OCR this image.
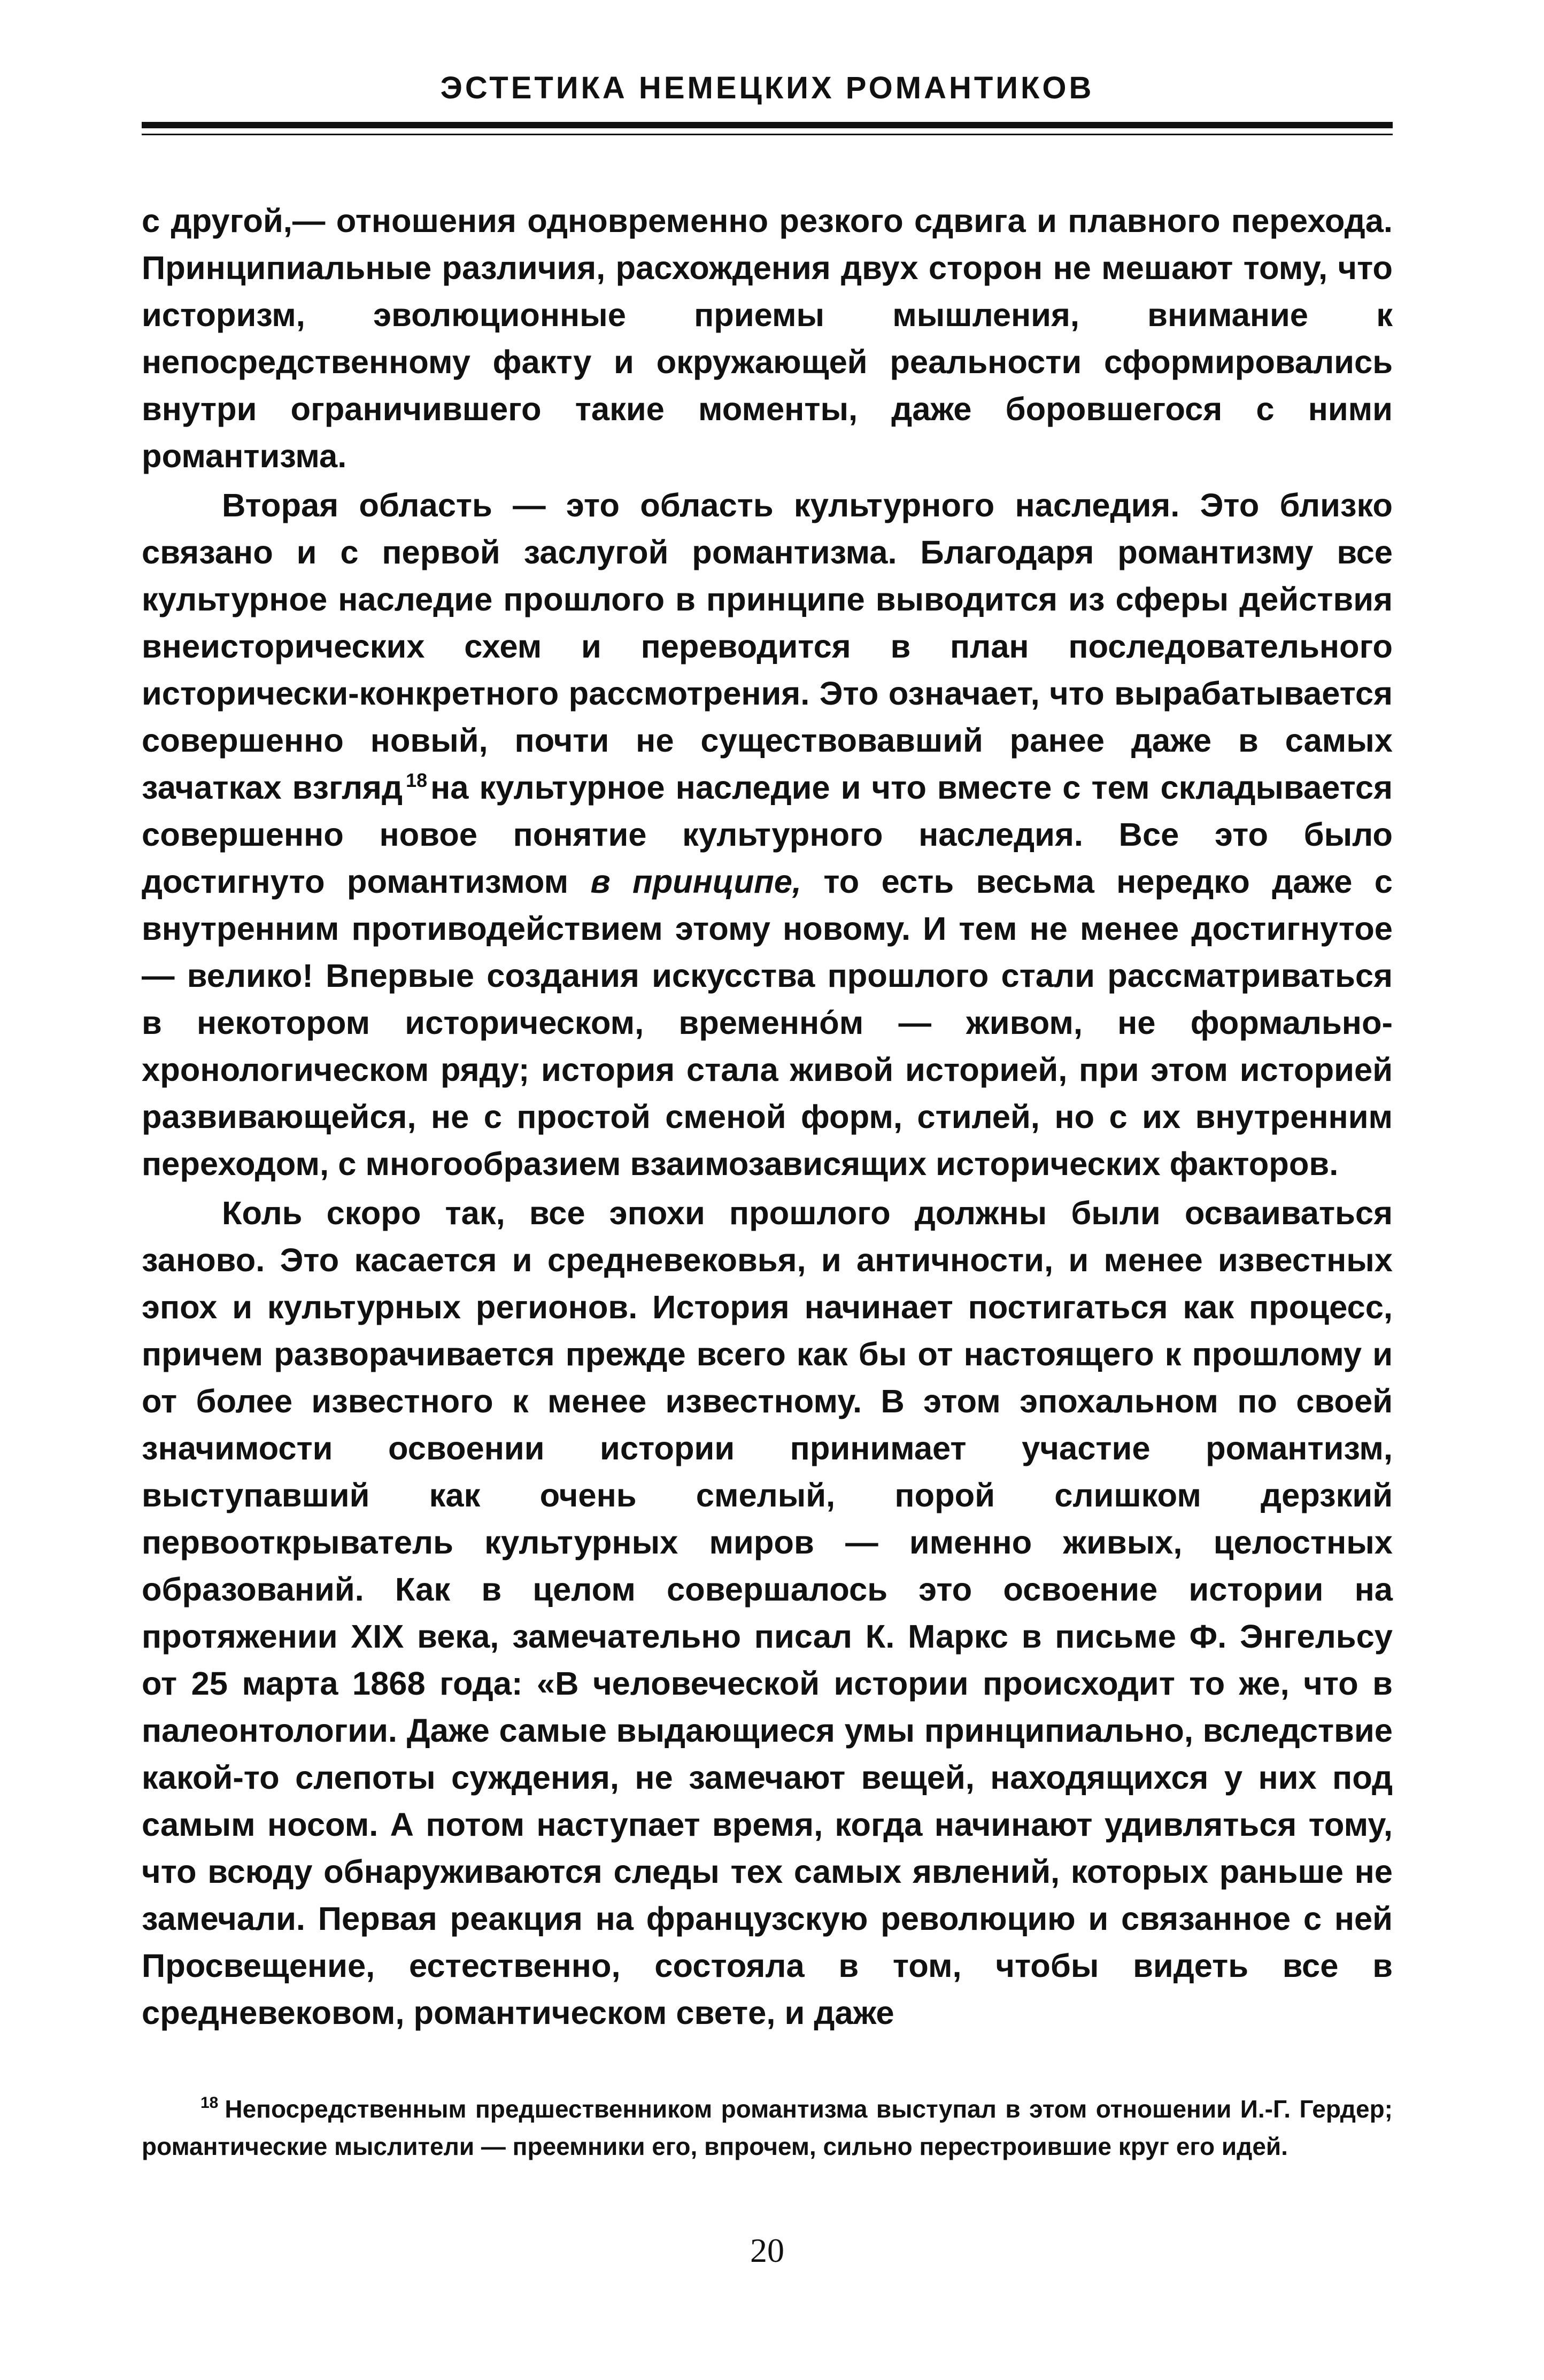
ЭСТЕТИКА НЕМЕЦКИХ РОМАНТИКОВ

с другой,— отношения одновременно резкого сдвига и плавного перехода. Принципиальные различия, расхождения двух сторон не мешают тому, что историзм, эволюционные приемы мышления, внимание к непосредственному факту и окружающей реальности сформировались внутри ограничившего такие моменты, даже боровшегося с ними романтизма.

Вторая область — это область культурного наследия. Это близко связано и с первой заслугой романтизма. Благодаря романтизму все культурное наследие прошлого в принципе выводится из сферы действия внеисторических схем и переводится в план последовательного исторически-конкретного рассмотрения. Это означает, что вырабатывается совершенно новый, почти не существовавший ранее даже в самых зачатках взгляд $^{18}$на культурное наследие и что вместе с тем складывается совершенно новое понятие культурного наследия. Все это было достигнуто романтизмом в принципе, то есть весьма нередко даже с внутренним противодействием этому новому. И тем не менее достигнутое — велико! Впервые создания искусства прошлого стали рассматриваться в некотором историческом, временно́м — живом, не формально-хронологическом ряду; история стала живой историей, при этом историей развивающейся, не с простой сменой форм, стилей, но с их внутренним переходом, с многообразием взаимозависящих исторических факторов.

Коль скоро так, все эпохи прошлого должны были осваиваться заново. Это касается и средневековья, и античности, и менее известных эпох и культурных регионов. История начинает постигаться как процесс, причем разворачивается прежде всего как бы от настоящего к прошлому и от более известного к менее известному. В этом эпохальном по своей значимости освоении истории принимает участие романтизм, выступавший как очень смелый, порой слишком дерзкий первооткрыватель культурных миров — именно живых, целостных образований. Как в целом совершалось это освоение истории на протяжении XIX века, замечательно писал К. Маркс в письме Ф. Энгельсу от 25 марта 1868 года: «В человеческой истории происходит то же, что в палеонтологии. Даже самые выдающиеся умы принципиально, вследствие какой-то слепоты суждения, не замечают вещей, находящихся у них под самым носом. А потом наступает время, когда начинают удивляться тому, что всюду обнаруживаются следы тех самых явлений, которых раньше не замечали. Первая реакция на французскую революцию и связанное с ней Просвещение, естественно, состояла в том, чтобы видеть все в средневековом, романтическом свете, и даже

$^{18}$ Непосредственным предшественником романтизма выступал в этом отношении И.-Г. Гердер; романтические мыслители — преемники его, впрочем, сильно перестроившие круг его идей.
20
